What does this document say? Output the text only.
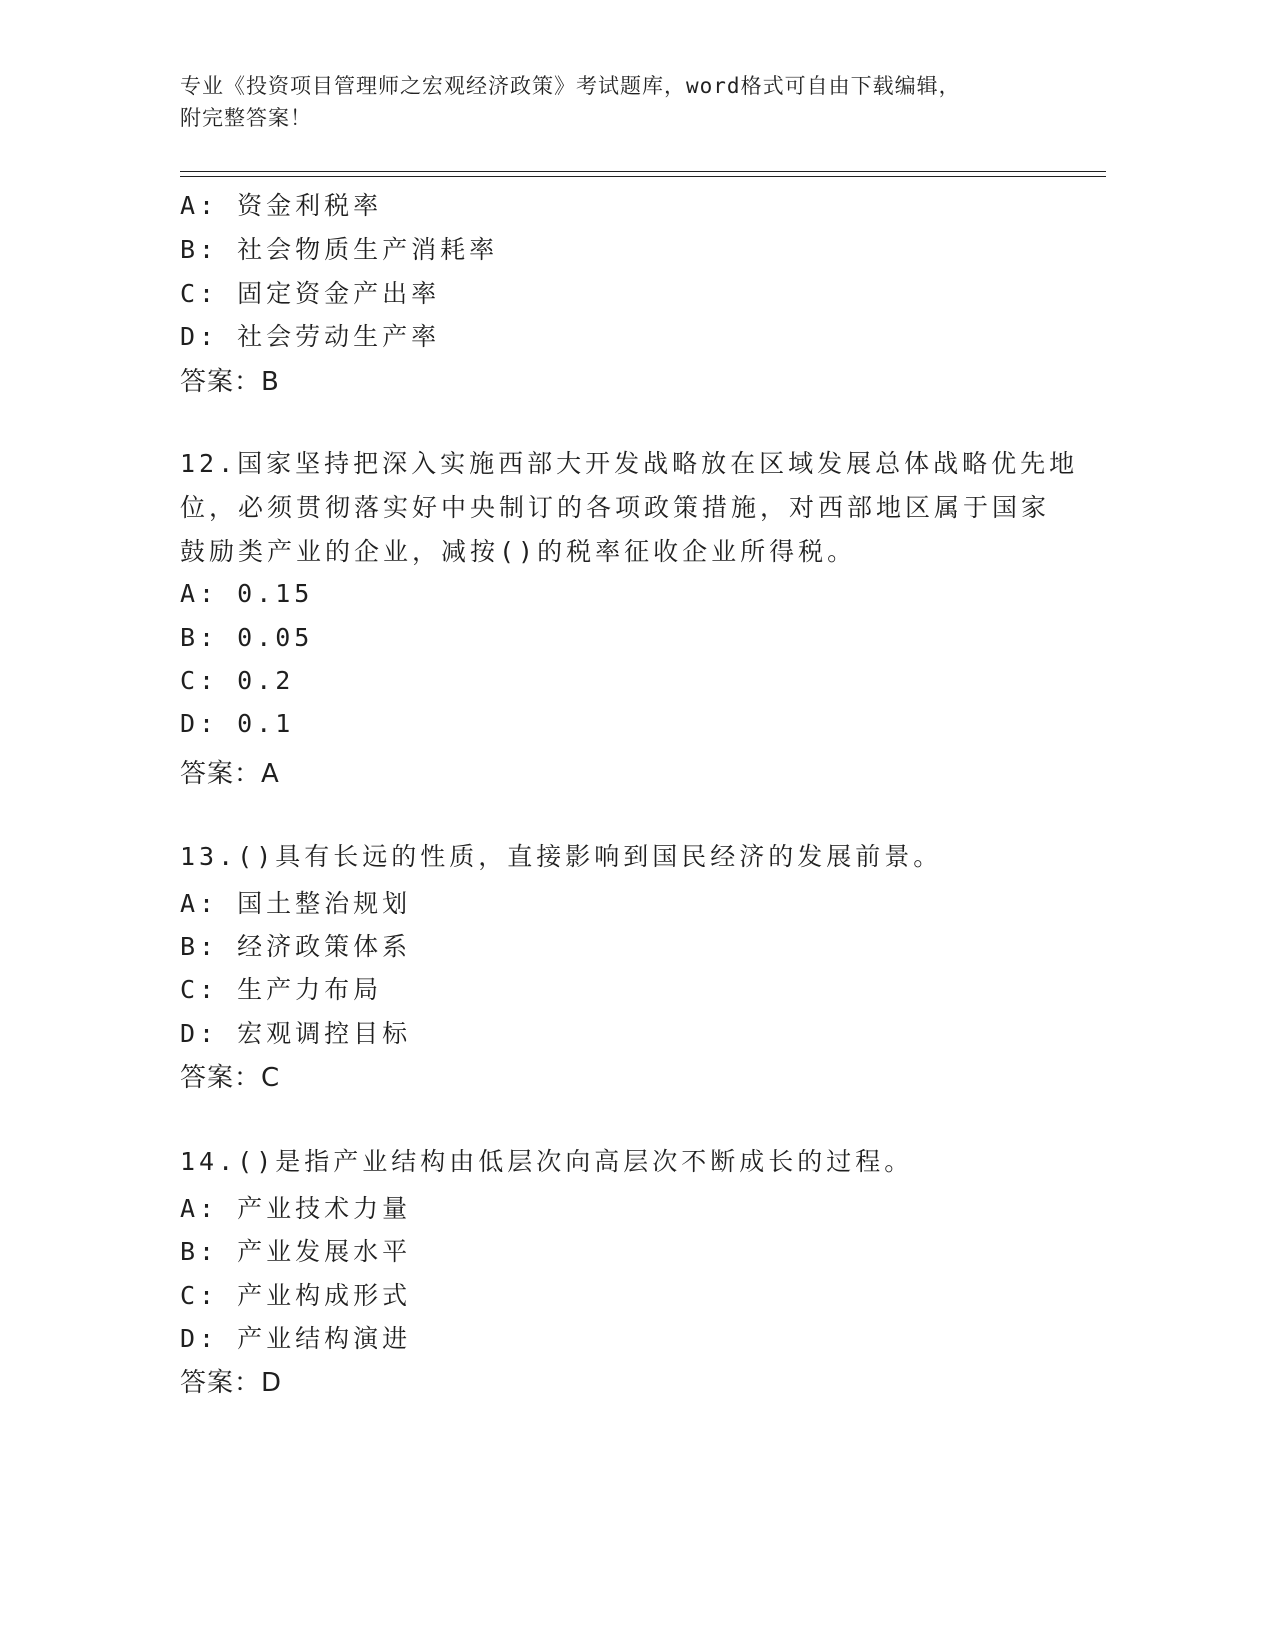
专业《投资项目管理师之宏观经济政策》考试题库，word格式可自由下载编辑，
附完整答案！
A: 资金利税率
B: 社会物质生产消耗率
C: 固定资金产出率
D: 社会劳动生产率
答案：B
12.国家坚持把深入实施西部大开发战略放在区域发展总体战略优先地
位，必须贯彻落实好中央制订的各项政策措施，对西部地区属于国家
鼓励类产业的企业，减按()的税率征收企业所得税。
A: 0.15
B: 0.05
C: 0.2
D: 0.1
答案：A
13.()具有长远的性质，直接影响到国民经济的发展前景。
A: 国土整治规划
B: 经济政策体系
C: 生产力布局
D: 宏观调控目标
答案：C
14.()是指产业结构由低层次向高层次不断成长的过程。
A: 产业技术力量
B: 产业发展水平
C: 产业构成形式
D: 产业结构演进
答案：D
